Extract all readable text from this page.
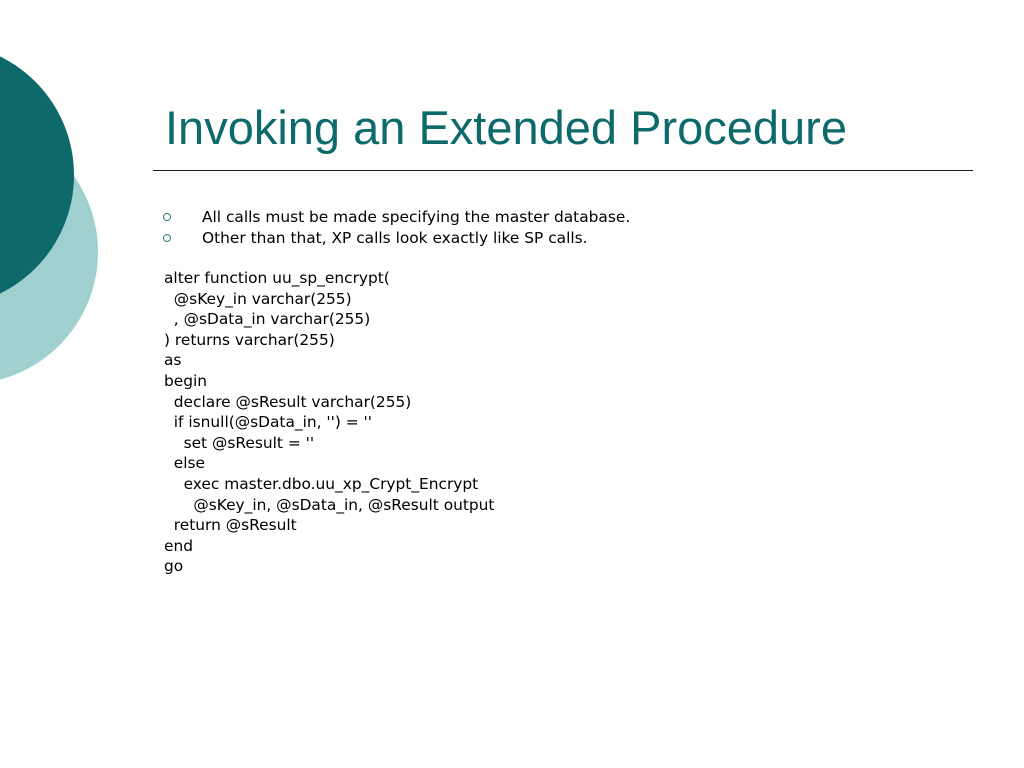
Invoking an Extended Procedure
All calls must be made specifying the master database.
Other than that, XP calls look exactly like SP calls.
alter function uu_sp_encrypt(
@sKey_in varchar(255)
, @sData_in varchar(255)
) returns varchar(255)
as
begin
declare @sResult varchar(255)
if isnull(@sData_in, '') = ''
set @sResult = ''
else
exec master.dbo.uu_xp_Crypt_Encrypt
@sKey_in, @sData_in, @sResult output
return @sResult
end
go
